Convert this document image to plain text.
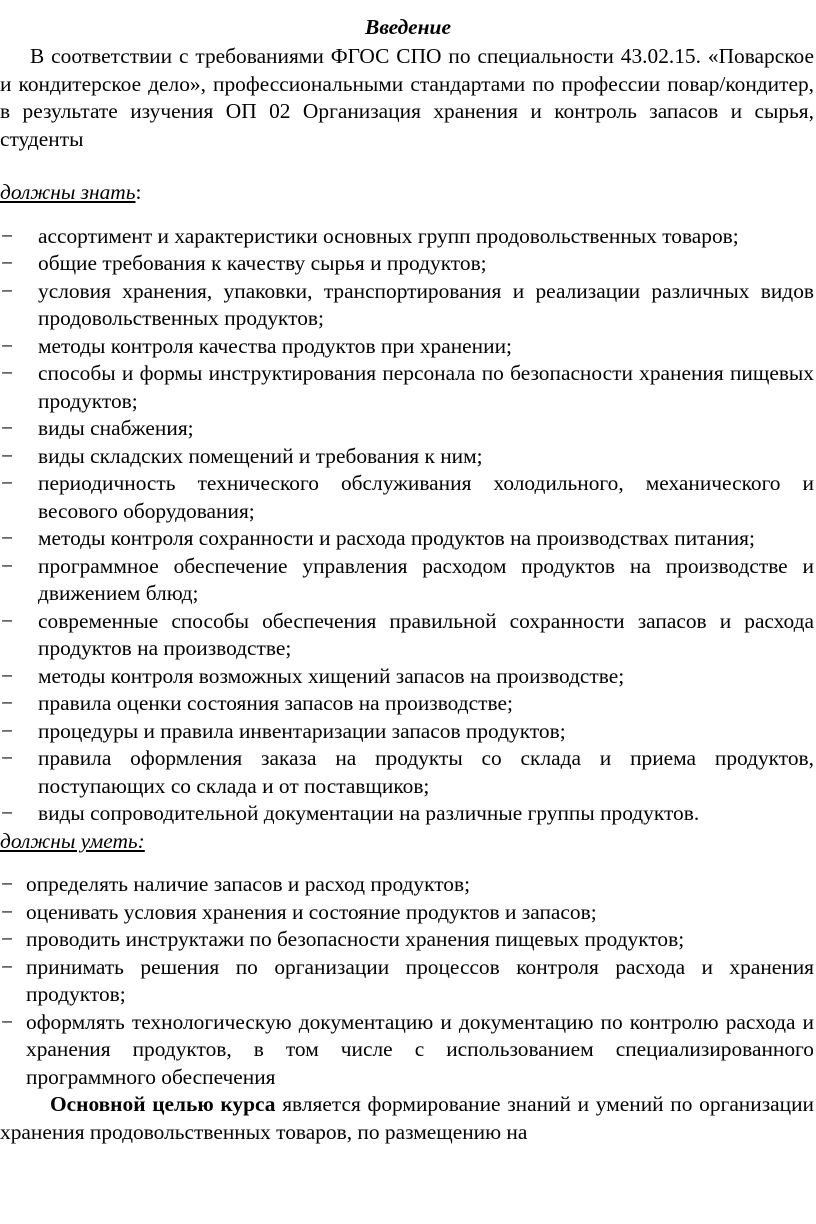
Введение

В соответствии с требованиями ФГОС СПО по специальности 43.02.15. «Поварское и кондитерское дело», профессиональными стандартами по профессии повар/кондитер, в результате изучения ОП 02 Организация хранения и контроль запасов и сырья, студенты

должны знать:

− ассортимент и характеристики основных групп продовольственных товаров;
− общие требования к качеству сырья и продуктов;
− условия хранения, упаковки, транспортирования и реализации различных видов продовольственных продуктов;
− методы контроля качества продуктов при хранении;
− способы и формы инструктирования персонала по безопасности хранения пищевых продуктов;
− виды снабжения;
− виды складских помещений и требования к ним;
− периодичность технического обслуживания холодильного, механического и весового оборудования;
− методы контроля сохранности и расхода продуктов на производствах питания;
− программное обеспечение управления расходом продуктов на производстве и движением блюд;
− современные способы обеспечения правильной сохранности запасов и расхода продуктов на производстве;
− методы контроля возможных хищений запасов на производстве;
− правила оценки состояния запасов на производстве;
− процедуры и правила инвентаризации запасов продуктов;
− правила оформления заказа на продукты со склада и приема продуктов, поступающих со склада и от поставщиков;
− виды сопроводительной документации на различные группы продуктов.

должны уметь:

− определять наличие запасов и расход продуктов;
− оценивать условия хранения и состояние продуктов и запасов;
− проводить инструктажи по безопасности хранения пищевых продуктов;
− принимать решения по организации процессов контроля расхода и хранения продуктов;
− оформлять технологическую документацию и документацию по контролю расхода и хранения продуктов, в том числе с использованием специализированного программного обеспечения

Основной целью курса является формирование знаний и умений по организации хранения продовольственных товаров, по размещению на
